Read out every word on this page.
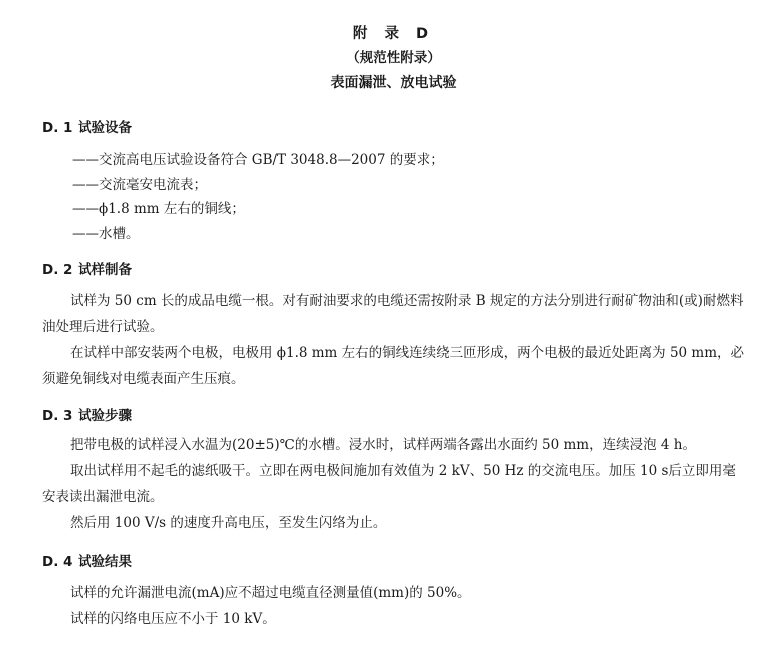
附 录 D
（规范性附录）
表面漏泄、放电试验
D. 1 试验设备

——交流高电压试验设备符合 GB/T 3048.8—2007 的要求；

——交流毫安电流表；

——ϕ1.8 mm 左右的铜线；

——水槽。

D. 2 试样制备

试样为 50 cm 长的成品电缆一根。对有耐油要求的电缆还需按附录 B 规定的方法分别进行耐矿物油和(或)耐燃料油处理后进行试验。

在试样中部安装两个电极，电极用 ϕ1.8 mm 左右的铜线连续绕三匝形成，两个电极的最近处距离为 50 mm，必须避免铜线对电缆表面产生压痕。

D. 3 试验步骤

把带电极的试样浸入水温为(20±5)℃的水槽。浸水时，试样两端各露出水面约 50 mm，连续浸泡 4 h。

取出试样用不起毛的滤纸吸干。立即在两电极间施加有效值为 2 kV、50 Hz 的交流电压。加压 10 s后立即用毫安表读出漏泄电流。

然后用 100 V/s 的速度升高电压，至发生闪络为止。

D. 4 试验结果

试样的允许漏泄电流(mA)应不超过电缆直径测量值(mm)的 50%。

试样的闪络电压应不小于 10 kV。
